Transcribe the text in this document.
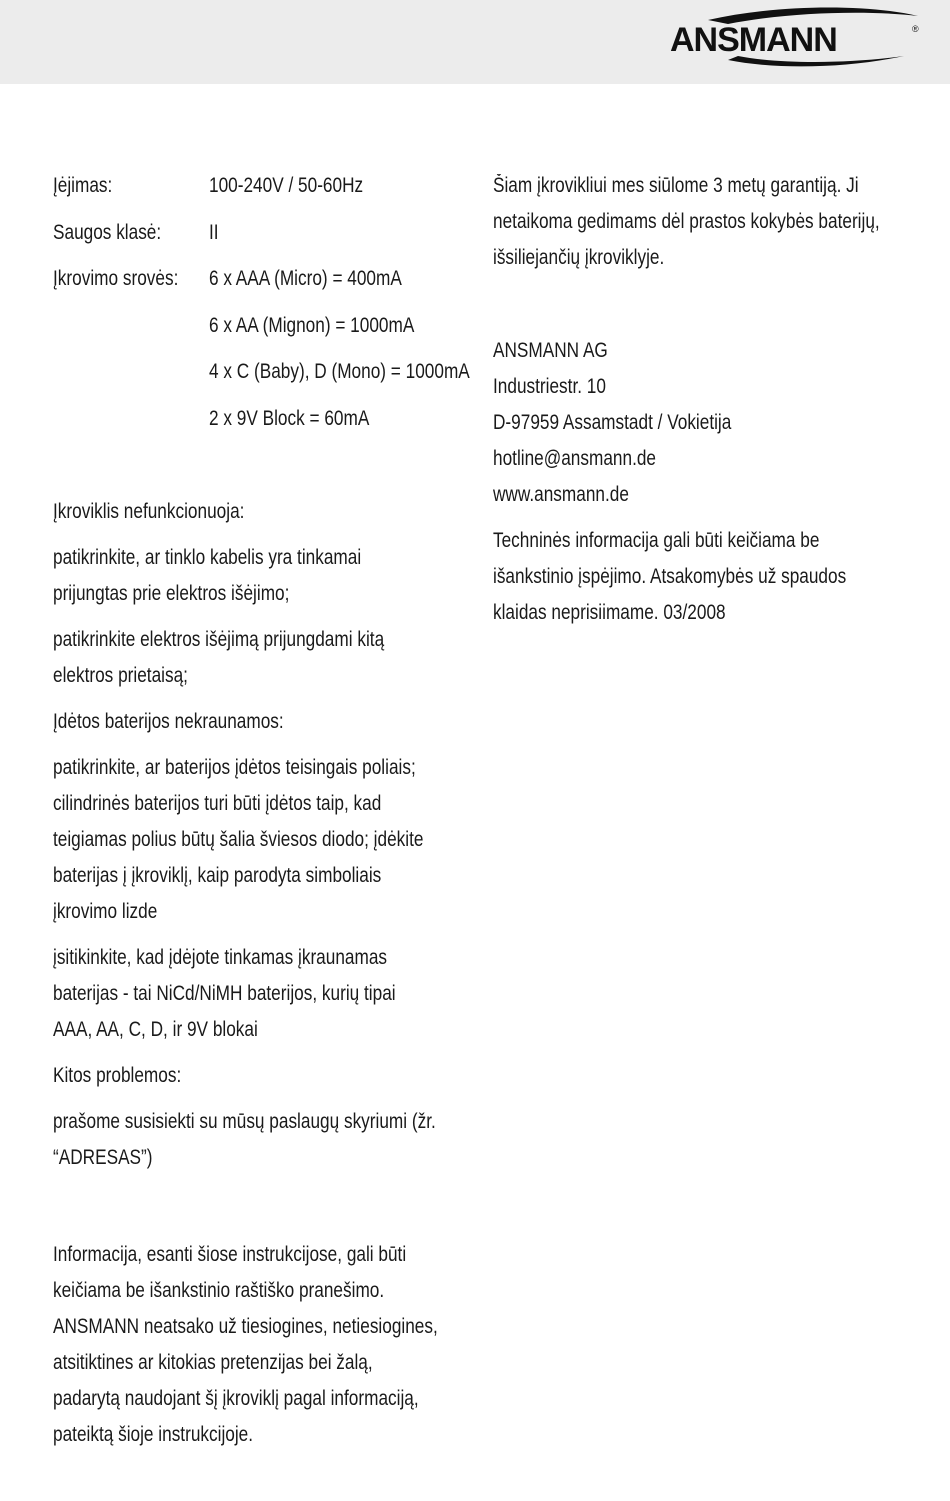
ANSMANN	®
Įėjimas:	100-240V / 50-60Hz
Saugos klasė: II
Įkrovimo srovės: 6 x AAA (Micro) = 400mA
6 x AA (Mignon) = 1000mA
4 x C (Baby), D (Mono) = 1000mA
2 x 9V Block = 60mA

Įkroviklis nefunkcionuoja:

patikrinkite, ar tinklo kabelis yra tinkamai
prijungtas prie elektros išėjimo;

patikrinkite elektros išėjimą prijungdami kitą
elektros prietaisą;

Įdėtos baterijos nekraunamos:

patikrinkite, ar baterijos įdėtos teisingais poliais;
cilindrinės baterijos turi būti įdėtos taip, kad
teigiamas polius būtų šalia šviesos diodo; įdėkite
baterijas į įkroviklį, kaip parodyta simboliais
įkrovimo lizde

įsitikinkite, kad įdėjote tinkamas įkraunamas
baterijas - tai NiCd/NiMH baterijos, kurių tipai
AAA, AA, C, D, ir 9V blokai

Kitos problemos:

prašome susisiekti su mūsų paslaugų skyriumi (žr.
“ADRESAS”)

Informacija, esanti šiose instrukcijose, gali būti
keičiama be išankstinio raštiško pranešimo.
ANSMANN neatsako už tiesiogines, netiesiogines,
atsitiktines ar kitokias pretenzijas bei žalą,
padarytą naudojant šį įkroviklį pagal informaciją,
pateiktą šioje instrukcijoje.

Šiam įkrovikliui mes siūlome 3 metų garantiją. Ji
netaikoma gedimams dėl prastos kokybės baterijų,
išsiliejančių įkroviklyje.

ANSMANN AG
Industriestr. 10
D-97959 Assamstadt / Vokietija
hotline@ansmann.de
www.ansmann.de

Techninės informacija gali būti keičiama be
išankstinio įspėjimo. Atsakomybės už spaudos
klaidas neprisiimame. 03/2008
